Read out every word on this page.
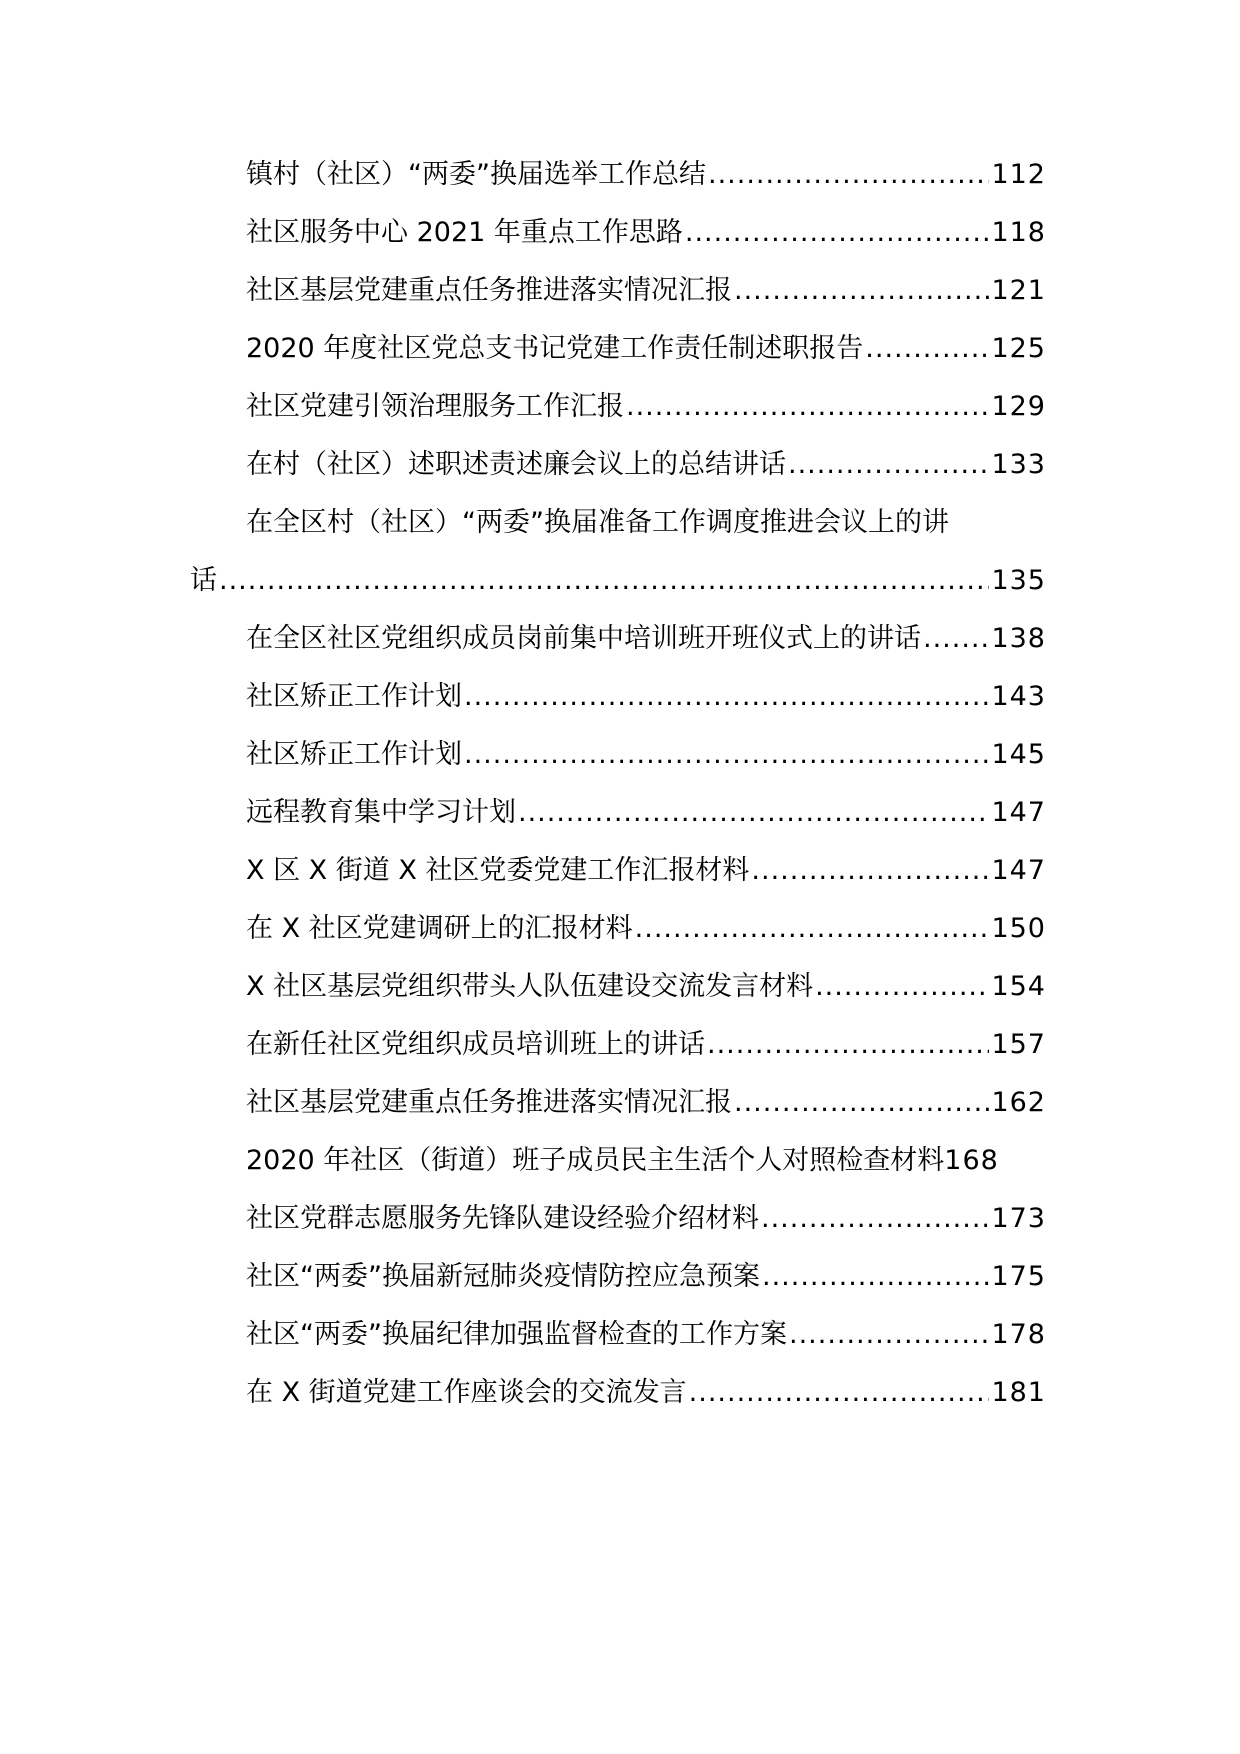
镇村（社区）“两委”换届选举工作总结 .....	112
社区服务中心 2021 年重点工作思路 .....	118
社区基层党建重点任务推进落实情况汇报 .....	121
2020 年度社区党总支书记党建工作责任制述职报告 .....	125
社区党建引领治理服务工作汇报 .....	129
在村（社区）述职述责述廉会议上的总结讲话 .....	133
在全区村（社区）“两委”换届准备工作调度推进会议上的讲
话 .....	135
在全区社区党组织成员岗前集中培训班开班仪式上的讲话 .....	138
社区矫正工作计划 .....	143
社区矫正工作计划 .....	145
远程教育集中学习计划 .....	147
X 区 X 街道 X 社区党委党建工作汇报材料 .....	147
在 X 社区党建调研上的汇报材料 .....	150
X 社区基层党组织带头人队伍建设交流发言材料 .....	154
在新任社区党组织成员培训班上的讲话 .....	157
社区基层党建重点任务推进落实情况汇报 .....	162
2020 年社区（街道）班子成员民主生活个人对照检查材料 168
社区党群志愿服务先锋队建设经验介绍材料 .....	173
社区“两委”换届新冠肺炎疫情防控应急预案 .....	175
社区“两委”换届纪律加强监督检查的工作方案 .....	178
在 X 街道党建工作座谈会的交流发言 .....	181
